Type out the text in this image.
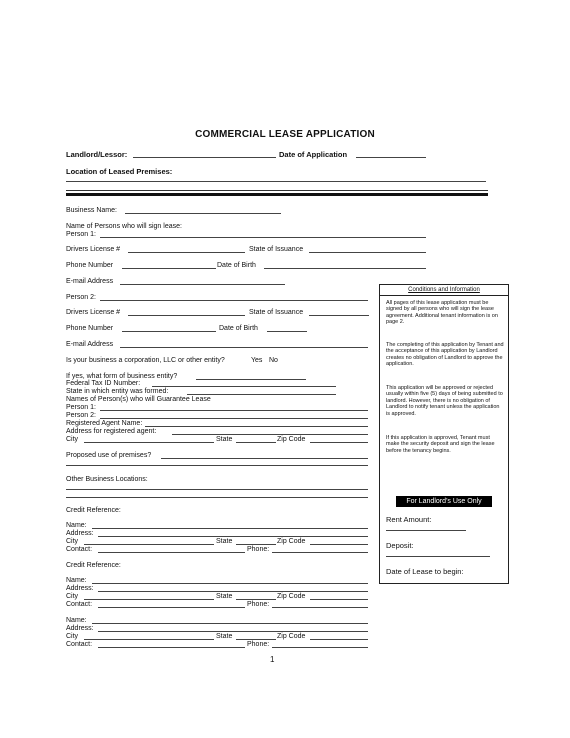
COMMERCIAL LEASE APPLICATION
Landlord/Lessor:	Date of Application
Location of Leased Premises:
Business Name:
Name of Persons who will sign lease:
Person 1:
Drivers License #	State of Issuance
Phone Number	Date of Birth
E-mail Address
Person 2:
Drivers License #	State of Issuance
Phone Number	Date of Birth
E-mail Address
Is your business a corporation, LLC or other entity?	Yes No
If yes, what form of business entity?
Federal Tax ID Number:
State in which entity was formed:
Names of Person(s) who will Guarantee Lease
Person 1:
Person 2:
Registered Agent Name:
Address for registered agent:
City	State	Zip Code
Proposed use of premises?
Other Business Locations:
Credit Reference:
Name:
Address:
City	State	Zip Code
Contact:	Phone:
Credit Reference:
Name:
Address:
City	State	Zip Code
Contact:	Phone:
Name:
Address:
City	State	Zip Code
Contact:	Phone:
Conditions and Information
All pages of this lease application must be signed by all persons who will sign the lease agreement. Additional tenant information is on page 2.
The completing of this application by Tenant and the acceptance of this application by Landlord creates no obligation of Landlord to approve the application.
This application will be approved or rejected usually within five (5) days of being submitted to landlord. However, there is no obligation of Landlord to notify tenant unless the application is approved.
If this application is approved, Tenant must make the security deposit and sign the lease before the tenancy begins.
For Landlord’s Use Only
Rent Amount:
Deposit:
Date of Lease to begin:
1
